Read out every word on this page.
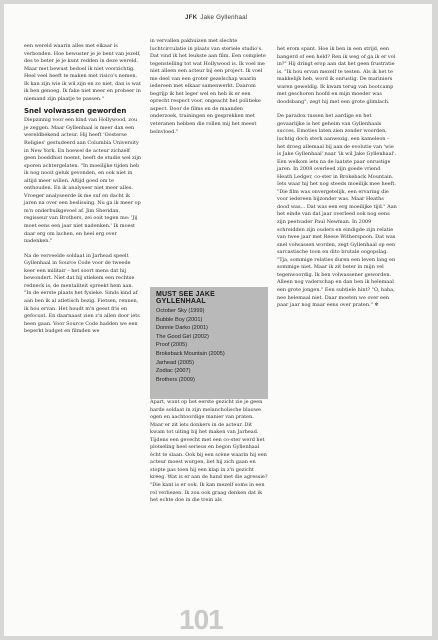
JFK Jake Gyllenhaal

een wereld waarin alles met elkaar is verbonden. Hoe bewuster je je bent van jezelf, des te beter je je kunt redden in deze wereld. Maar met bewust bedoel ik niet voorzichtig. Heel veel heeft te maken met risico's nemen. Ik kan zijn wie ik wil zijn en zo niet, dan is wat ik ben genoeg. Ik fake niet meer en probeer in niemand zijn plaatje te passen."

Snel volwassen geworden

Diepzinnig voor een kind van Hollywood, zou je zeggen. Maar Gyllenhaal is meer dan een wereldbekend acteur. Hij heeft 'Oosterse Religies' gestudeerd aan Columbia University in New York. En hoewel de acteur zichzelf geen boeddhist noemt, heeft de studie wel zijn sporen achtergelaten. "In moeilijke tijden heb ik nog nooit geluk gevonden, en ook niet in altijd meer willen. Altijd goed om te onthouden. En ik analyseer niet meer alles. Vroeger analyseerde ik me suf en dacht ik jaren na over een beslissing. Nu ga ik meer op m'n onderbuikgevoel af. Jim Sheridan, regisseur van Brothers, zei ooit tegen me: 'Jij moet eens een jaar niet nadenken.' Ik moest daar erg om lachen, en heel erg over nadenken."

Na de verveelde soldaat in Jarhead speelt Gyllenhaal in Source Code voor de tweede keer een militair – het soort mens dat hij bewondert. Niet dat hij stiekem een rechtse redneck is, de mentaliteit spreekt hem aan. "In de eerste plaats het fysieke. Sinds kind af aan ben ik al atletisch bezig. Fietsen, rennen, ik hou ervan. Het houdt m'n geest fris en gefocust. En daarnaast zien z'n allen door iets heen gaan. Voor Source Code hadden we een beperkt budget en filmden we

in vervallen pakhuizen met slechte luchtcirculatie in plaats van steriele studio's. Dat vind ik het leukste aan film. Een complete tegenstelling tot wat Hollywood is. Ik voel me niet alleen een acteur bij een project. Ik voel me deel van een groter gezelschap waarin iedereen met elkaar samenwerkt. Daarom begrijp ik het leger wel en heb ik er een oprecht respect voor, ongeacht het politieke aspect. Door de films en de maanden onderzoek, trainingen en gesprekken met veteranen hebben die rollen mij het meest beïnvloed."

MUST SEE JAKE GYLLENHAAL
October Sky (1999)
Bubble Boy (2001)
Donnie Darko (2001)
The Good Girl (2002)
Proof (2005)
Brokeback Mountain (2005)
Jarhead (2005)
Zodiac (2007)
Brothers (2009)

Apart, want op het eerste gezicht zie je geen harde soldaat in zijn melancholische blauwe ogen en aachtoordige manier van praten. Maar er zit iets donkers in de acteur. Dit kwam tot uiting bij het maken van Jarhead. Tijdens een gevecht met een co-ster werd het plotseling heel serieus en begon Gyllenhaal écht te slaan. Ook bij een scène waarin hij een acteur moest wurgen, liet hij zich gaan en stopte pas toen hij een klap in z'n gezicht kreeg. Wat is er aan de hand met die agressie? "Die kant is er ook. Ik kan mezelf soms in een rol verliezen. Ik zou ook graag denken dat ik het echte doe in die trein als

het erom spant. Hoe ik ben in een strijd, een bangerd of een held? Ren ik weg of ga ik er vol in?" Hij dringt erop aan dat het geen frustratie is. "Ik hou ervan mezelf te testen. Als ik het te makkelijk heb, word ik onrustig. De mariniers waren geweldig. Ik kwam terug van bootcamp met geschoren hoofd en mijn moeder was doodsbang", zegt hij met een grote glimlach.

De paradox tussen het aardige en het gevaarlijke is het geheim van Gyllenhaals succes. Emoties laten zien zonder woorden, luchtig doch sterk aanwezig, een kameleon – het droeg allemaal bij aan de evolutie van 'wie is Jake Gyllenhaal' naar 'ik wil Jake Gyllenhaal'. Een welkom iets na de laatste paar onrustige jaren. In 2008 overleed zijn goede vriend Heath Ledger, co-ster in Brokeback Mountain. Iets waar hij het nog steeds moeilijk mee heeft. "Die film was onvergetelijk, een ervaring die voor iedereen bijzonder was. Maar Heaths dood was... Dat was een erg moeilijke tijd." Aan het einde van dat jaar overleed ook nog eens zijn peetvader Paul Newman. In 2009 schreidden zijn ouders en eindigde zijn relatie van twee jaar met Reese Witherspoon. Dat was snel volwassen worden, zegt Gyllenhaal op een sarcastische toon en dito brutale oogopslag. "Tja, sommige relaties duren een leven lang en sommige niet. Maar ik zit beter in mijn vel tegenwoordig. Ik ben volwassener geworden. Alleen nog vaderschap en dan ben ik helemaal een grote jongen." Een subtiele hint? "O, haha, nee helemaal niet. Daar moeten we over een paar jaar nog maar eens over praten." ❄

101
